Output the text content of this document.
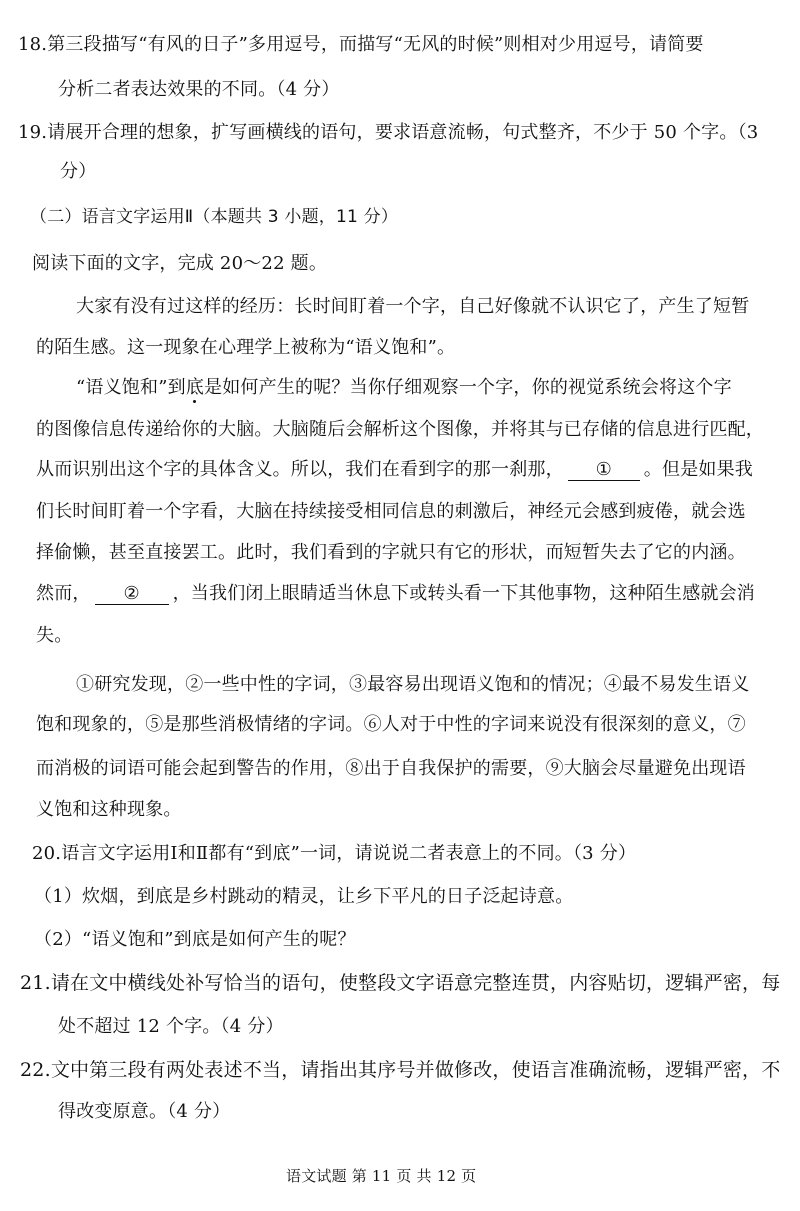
18.第三段描写“有风的日子”多用逗号，而描写“无风的时候”则相对少用逗号，请简要
分析二者表达效果的不同。（4 分）
19.请展开合理的想象，扩写画横线的语句，要求语意流畅，句式整齐，不少于 50 个字。（3
分）
（二）语言文字运用Ⅱ（本题共 3 小题，11 分）
阅读下面的文字，完成 20～22 题。
大家有没有过这样的经历：长时间盯着一个字，自己好像就不认识它了，产生了短暂
的陌生感。这一现象在心理学上被称为“语义饱和”。
“语义饱和”到底是如何产生的呢？当你仔细观察一个字，你的视觉系统会将这个字
的图像信息传递给你的大脑。大脑随后会解析这个图像，并将其与已存储的信息进行匹配，
从而识别出这个字的具体含义。所以，我们在看到字的那一刹那， ① 。但是如果我
们长时间盯着一个字看，大脑在持续接受相同信息的刺激后，神经元会感到疲倦，就会选
择偷懒，甚至直接罢工。此时，我们看到的字就只有它的形状，而短暂失去了它的内涵。
然而， ② ，当我们闭上眼睛适当休息下或转头看一下其他事物，这种陌生感就会消
失。
①研究发现，②一些中性的字词，③最容易出现语义饱和的情况；④最不易发生语义
饱和现象的，⑤是那些消极情绪的字词。⑥人对于中性的字词来说没有很深刻的意义，⑦
而消极的词语可能会起到警告的作用，⑧出于自我保护的需要，⑨大脑会尽量避免出现语
义饱和这种现象。
20.语言文字运用Ⅰ和Ⅱ都有“到底”一词，请说说二者表意上的不同。（3 分）
（1）炊烟，到底是乡村跳动的精灵，让乡下平凡的日子泛起诗意。
（2）“语义饱和”到底是如何产生的呢？
21.请在文中横线处补写恰当的语句，使整段文字语意完整连贯，内容贴切，逻辑严密，每
处不超过 12 个字。（4 分）
22.文中第三段有两处表述不当，请指出其序号并做修改，使语言准确流畅，逻辑严密，不
得改变原意。（4 分）
语文试题 第 11 页 共 12 页
